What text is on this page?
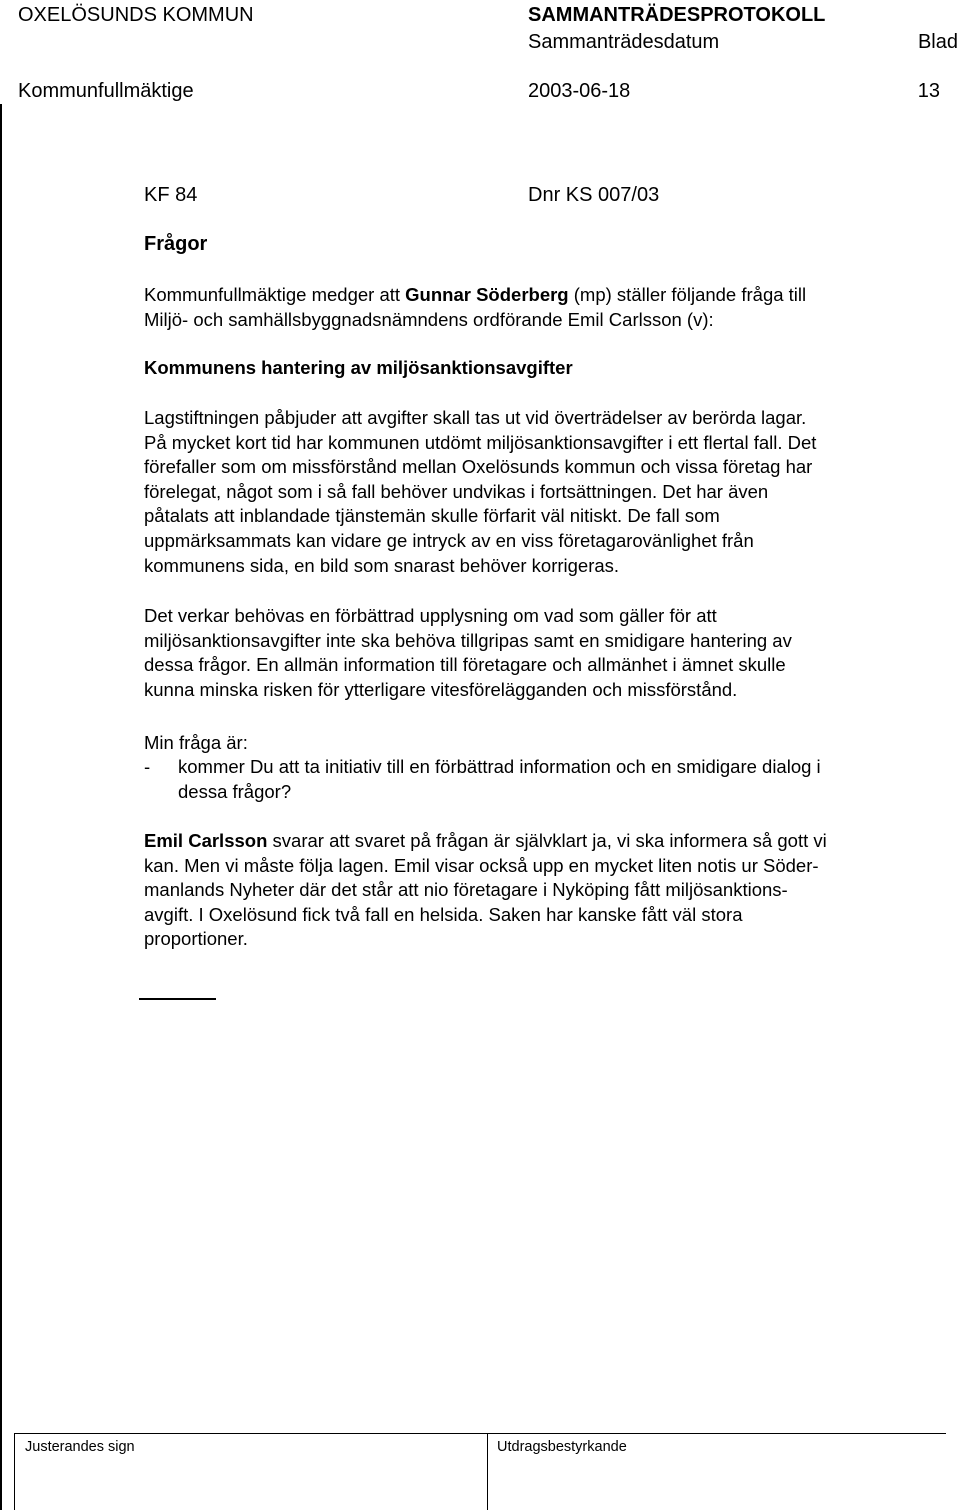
OXELÖSUNDS KOMMUN	SAMMANTRÄDESPROTOKOLL
Sammanträdesdatum	Blad
Kommunfullmäktige	2003-06-18	13
KF 84	Dnr KS 007/03
Frågor
Kommunfullmäktige medger att Gunnar Söderberg (mp) ställer följande fråga till
Miljö- och samhällsbyggnadsnämndens ordförande Emil Carlsson (v):
Kommunens hantering av miljösanktionsavgifter
Lagstiftningen påbjuder att avgifter skall tas ut vid överträdelser av berörda lagar.
På mycket kort tid har kommunen utdömt miljösanktionsavgifter i ett flertal fall. Det
förefaller som om missförstånd mellan Oxelösunds kommun och vissa företag har
förelegat, något som i så fall behöver undvikas i fortsättningen. Det har även
påtalats att inblandade tjänstemän skulle förfarit väl nitiskt. De fall som
uppmärksammats kan vidare ge intryck av en viss företagarovänlighet från
kommunens sida, en bild som snarast behöver korrigeras.
Det verkar behövas en förbättrad upplysning om vad som gäller för att
miljösanktionsavgifter inte ska behöva tillgripas samt en smidigare hantering av
dessa frågor. En allmän information till företagare och allmänhet i ämnet skulle
kunna minska risken för ytterligare vitesförelägganden och missförstånd.
Min fråga är:
- kommer Du att ta initiativ till en förbättrad information och en smidigare dialog i
dessa frågor?
Emil Carlsson svarar att svaret på frågan är självklart ja, vi ska informera så gott vi
kan. Men vi måste följa lagen. Emil visar också upp en mycket liten notis ur Söder-
manlands Nyheter där det står att nio företagare i Nyköping fått miljösanktions-
avgift. I Oxelösund fick två fall en helsida. Saken har kanske fått väl stora
proportioner.
Justerandes sign	Utdragsbestyrkande
